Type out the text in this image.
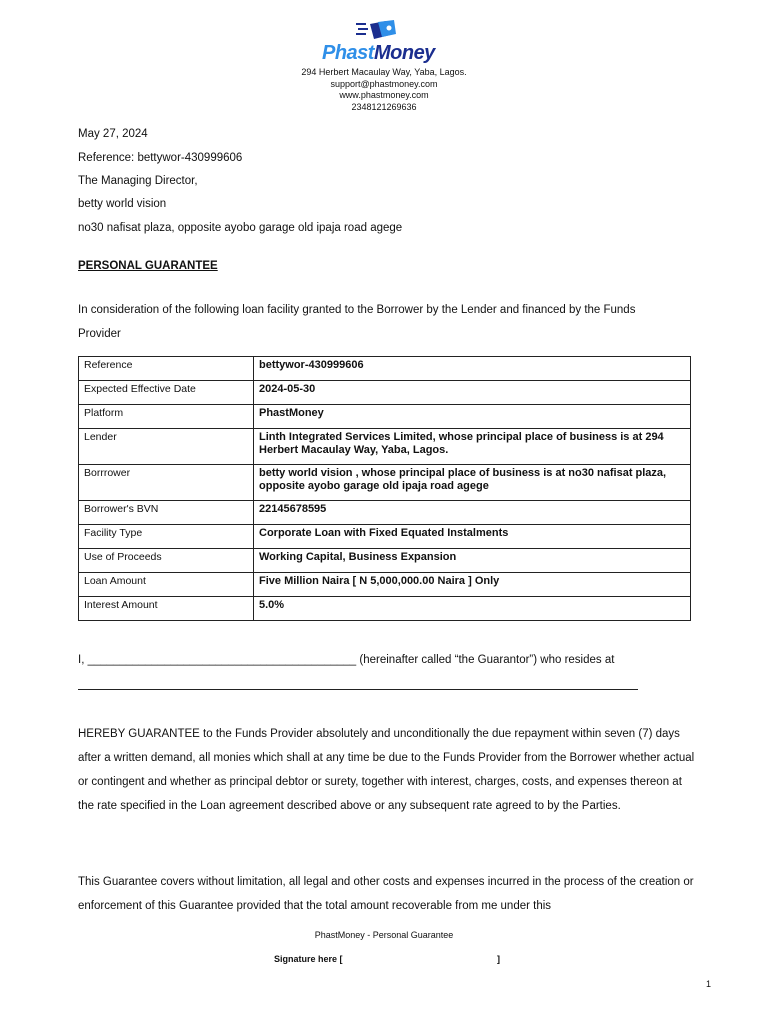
PhastMoney
294 Herbert Macaulay Way, Yaba, Lagos.
support@phastmoney.com
www.phastmoney.com
2348121269636
May 27, 2024
Reference: bettywor-430999606
The Managing Director,
betty world vision
no30 nafisat plaza, opposite ayobo garage old ipaja road agege
PERSONAL GUARANTEE
In consideration of the following loan facility granted to the Borrower by the Lender and financed by the Funds Provider
Reference	bettywor-430999606
Expected Effective Date	2024-05-30
Platform	PhastMoney
Lender	Linth Integrated Services Limited, whose principal place of business is at 294 Herbert Macaulay Way, Yaba, Lagos.
Borrrower	betty world vision , whose principal place of business is at no30 nafisat plaza, opposite ayobo garage old ipaja road agege
Borrower's BVN	22145678595
Facility Type	Corporate Loan with Fixed Equated Instalments
Use of Proceeds	Working Capital, Business Expansion
Loan Amount	Five Million Naira [ N 5,000,000.00 Naira ] Only
Interest Amount	5.0%
I, __________________________________________ (hereinafter called “the Guarantor”) who resides at
HEREBY GUARANTEE to the Funds Provider absolutely and unconditionally the due repayment within seven (7) days after a written demand, all monies which shall at any time be due to the Funds Provider from the Borrower whether actual or contingent and whether as principal debtor or surety, together with interest, charges, costs, and expenses thereon at the rate specified in the Loan agreement described above or any subsequent rate agreed to by the Parties.
This Guarantee covers without limitation, all legal and other costs and expenses incurred in the process of the creation or enforcement of this Guarantee provided that the total amount recoverable from me under this
PhastMoney - Personal Guarantee
Signature here [	]
1
